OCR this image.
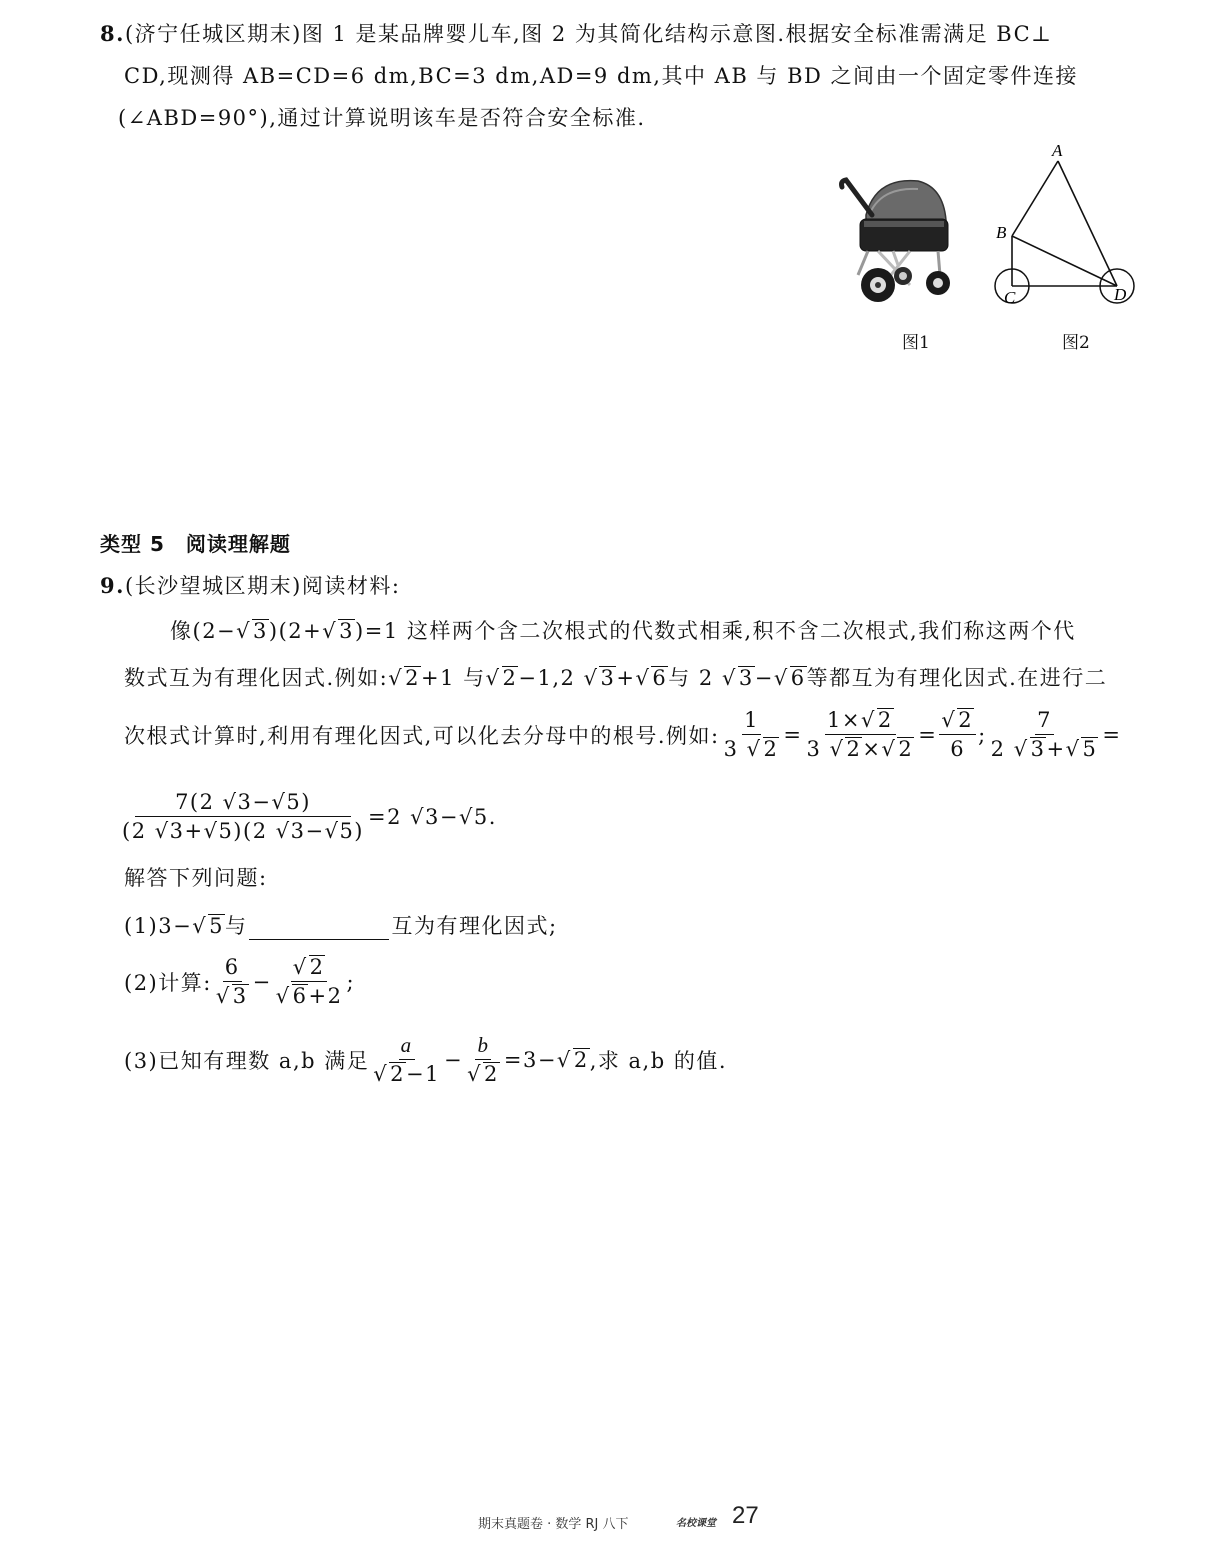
8.(济宁任城区期末)图 1 是某品牌婴儿车,图 2 为其简化结构示意图.根据安全标准需满足 BC⊥
CD,现测得 AB=CD=6 dm,BC=3 dm,AD=9 dm,其中 AB 与 BD 之间由一个固定零件连接
(∠ABD=90°),通过计算说明该车是否符合安全标准.
图1
A
B
C	D
图2
类型 5　阅读理解题
9.(长沙望城区期末)阅读材料:
像(2−√3)(2+√3)=1 这样两个含二次根式的代数式相乘,积不含二次根式,我们称这两个代
数式互为有理化因式.例如:√2+1 与√2−1,2 √3+√6与 2 √3−√6等都互为有理化因式.在进行二
次根式计算时,利用有理化因式,可以化去分母中的根号.例如: $\frac{1}{3 √2} = \frac{1\times√2}{3 √2\times√2} = \frac{√2}{6}$ ; $\frac{7}{2 √3+√5}$ =
$\frac{7(2 √3-√5)}{(2 √3+√5)(2 √3-√5)} =2$ √3−√5.
解答下列问题:
(1)3−√5与	互为有理化因式;
(2)计算: $\frac{6}{√3} - \frac{√2}{√6+2}$ ;
(3)已知有理数 a,b 满足 $\frac{a}{√2-1} - \frac{b}{√2} =3-$ √ 2 ,求 a,b 的值.
期末真题卷 · 数学 RJ 八下	名校课堂 27
